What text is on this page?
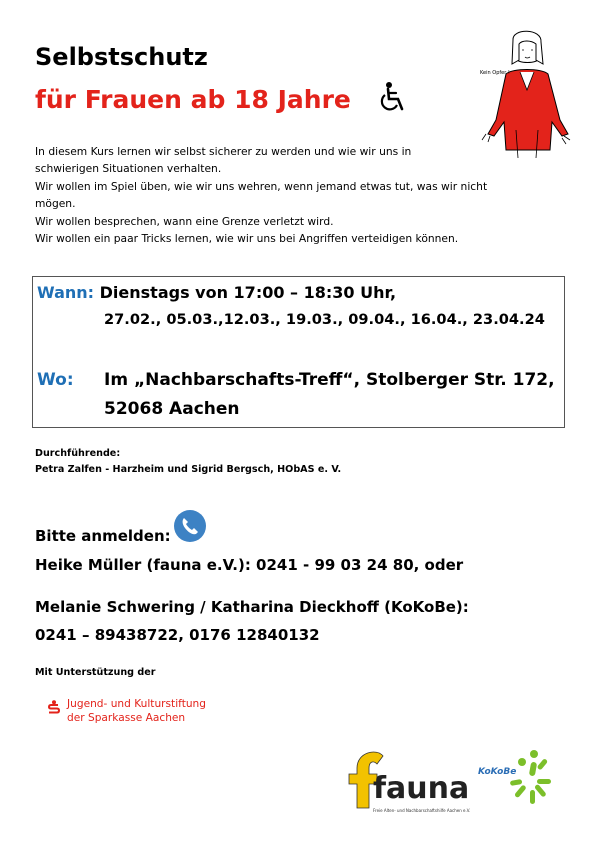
Selbstschutz
für Frauen ab 18 Jahre
Kein Opfer !
In diesem Kurs lernen wir selbst sicherer zu werden und wie wir uns in
schwierigen Situationen verhalten.
Wir wollen im Spiel üben, wie wir uns wehren, wenn jemand etwas tut, was wir nicht mögen.
Wir wollen besprechen, wann eine Grenze verletzt wird.
Wir wollen ein paar Tricks lernen, wie wir uns bei Angriffen verteidigen können.
Wann: Dienstags von 17:00 – 18:30 Uhr,
27.02., 05.03.,12.03., 19.03., 09.04., 16.04., 23.04.24
Wo: Im „Nachbarschafts-Treff“, Stolberger Str. 172,
52068 Aachen
Durchführende:
Petra Zalfen - Harzheim und Sigrid Bergsch, HObAS e. V.
Bitte anmelden:
Heike Müller (fauna e.V.): 0241 - 99 03 24 80, oder
Melanie Schwering / Katharina Dieckhoff (KoKoBe):
0241 – 89438722, 0176 12840132
Mit Unterstützung der
Jugend- und Kulturstiftung
der Sparkasse Aachen
fauna
Freie Alten- und Nachbarschaftshilfe Aachen e.V.
KoKoBe
